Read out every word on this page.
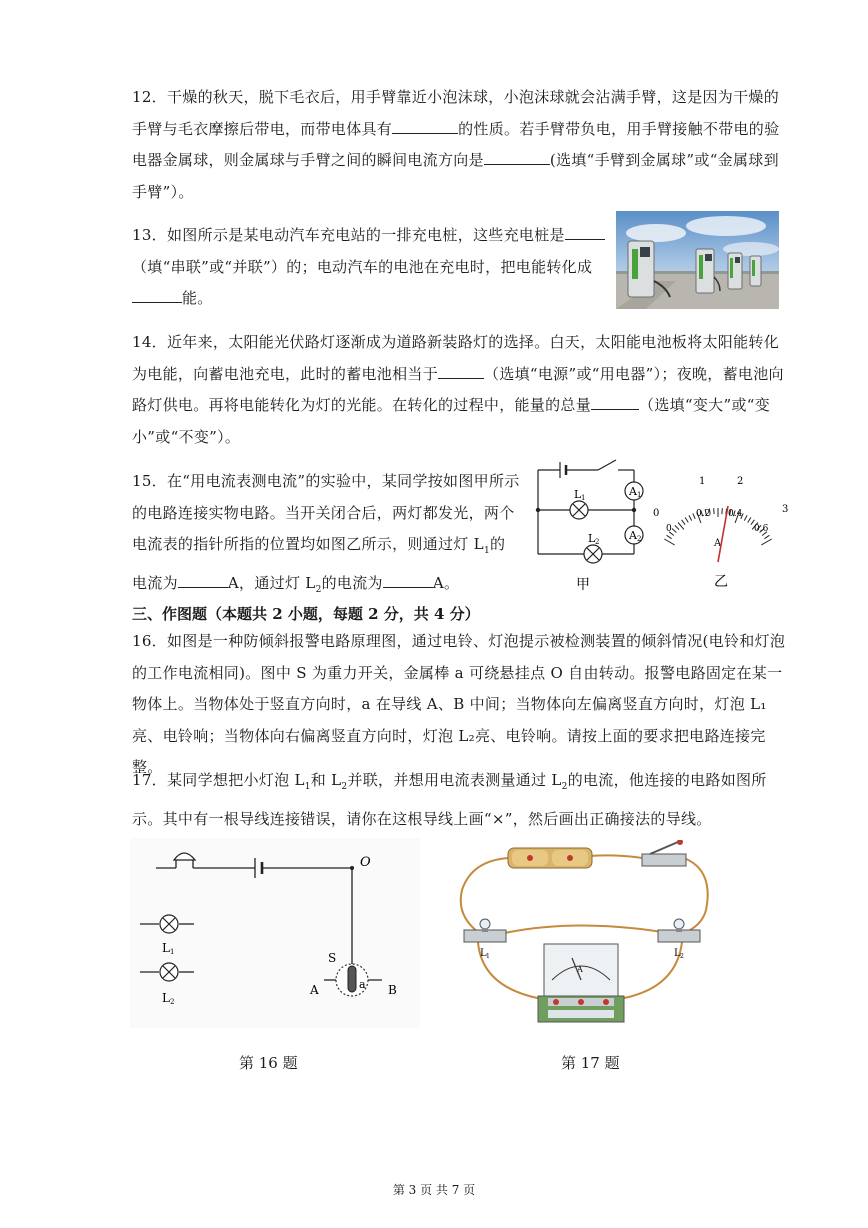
12．干燥的秋天，脱下毛衣后，用手臂靠近小泡沫球，小泡沫球就会沾满手臂，这是因为干燥的手臂与毛衣摩擦后带电，而带电体具有	的性质。若手臂带负电，用手臂接触不带电的验电器金属球，则金属球与手臂之间的瞬间电流方向是	(选填“手臂到金属球”或“金属球到手臂”）。
13．如图所示是某电动汽车充电站的一排充电桩，这些充电桩是（填“串联”或“并联”）的；电动汽车的电池在充电时，把电能转化成能。
14．近年来，太阳能光伏路灯逐渐成为道路新装路灯的选择。白天，太阳能电池板将太阳能转化为电能，向蓄电池充电，此时的蓄电池相当于	（选填“电源”或“用电器”）；夜晚，蓄电池向路灯供电。再将电能转化为灯的光能。在转化的过程中，能量的总量	（选填“变大”或“变小”或“不变”）。
15．在“用电流表测电流”的实验中，某同学按如图甲所示的电路连接实物电路。当开关闭合后，两灯都发光，两个电流表的指针所指的位置均如图乙所示，则通过灯 $L_1$的电流为	A，通过灯 $L_2$的电流为	A。
A 1
A 2
L 1
L 2
甲
0
1	2
3
0
0.2 0.4
0.6
A
乙
三、作图题（本题共 2 小题，每题 2 分，共 4 分）
16．如图是一种防倾斜报警电路原理图，通过电铃、灯泡提示被检测装置的倾斜情况(电铃和灯泡的工作电流相同)。图中 S 为重力开关，金属棒 a 可绕悬挂点 O 自由转动。报警电路固定在某一物体上。当物体处于竖直方向时，a 在导线 A、B 中间；当物体向左偏离竖直方向时，灯泡 L₁亮、电铃响；当物体向右偏离竖直方向时，灯泡 L₂亮、电铃响。请按上面的要求把电路连接完整。
17．某同学想把小灯泡 $L_1$和 $L_2$并联，并想用电流表测量通过 $L_2$的电流，他连接的电路如图所示。其中有一根导线连接错误，请你在这根导线上画“×”，然后画出正确接法的导线。
O
L 1
L 2
a
S
A	B
L 1	L 2
A
第 16 题	第 17 题
第 3 页 共 7 页
